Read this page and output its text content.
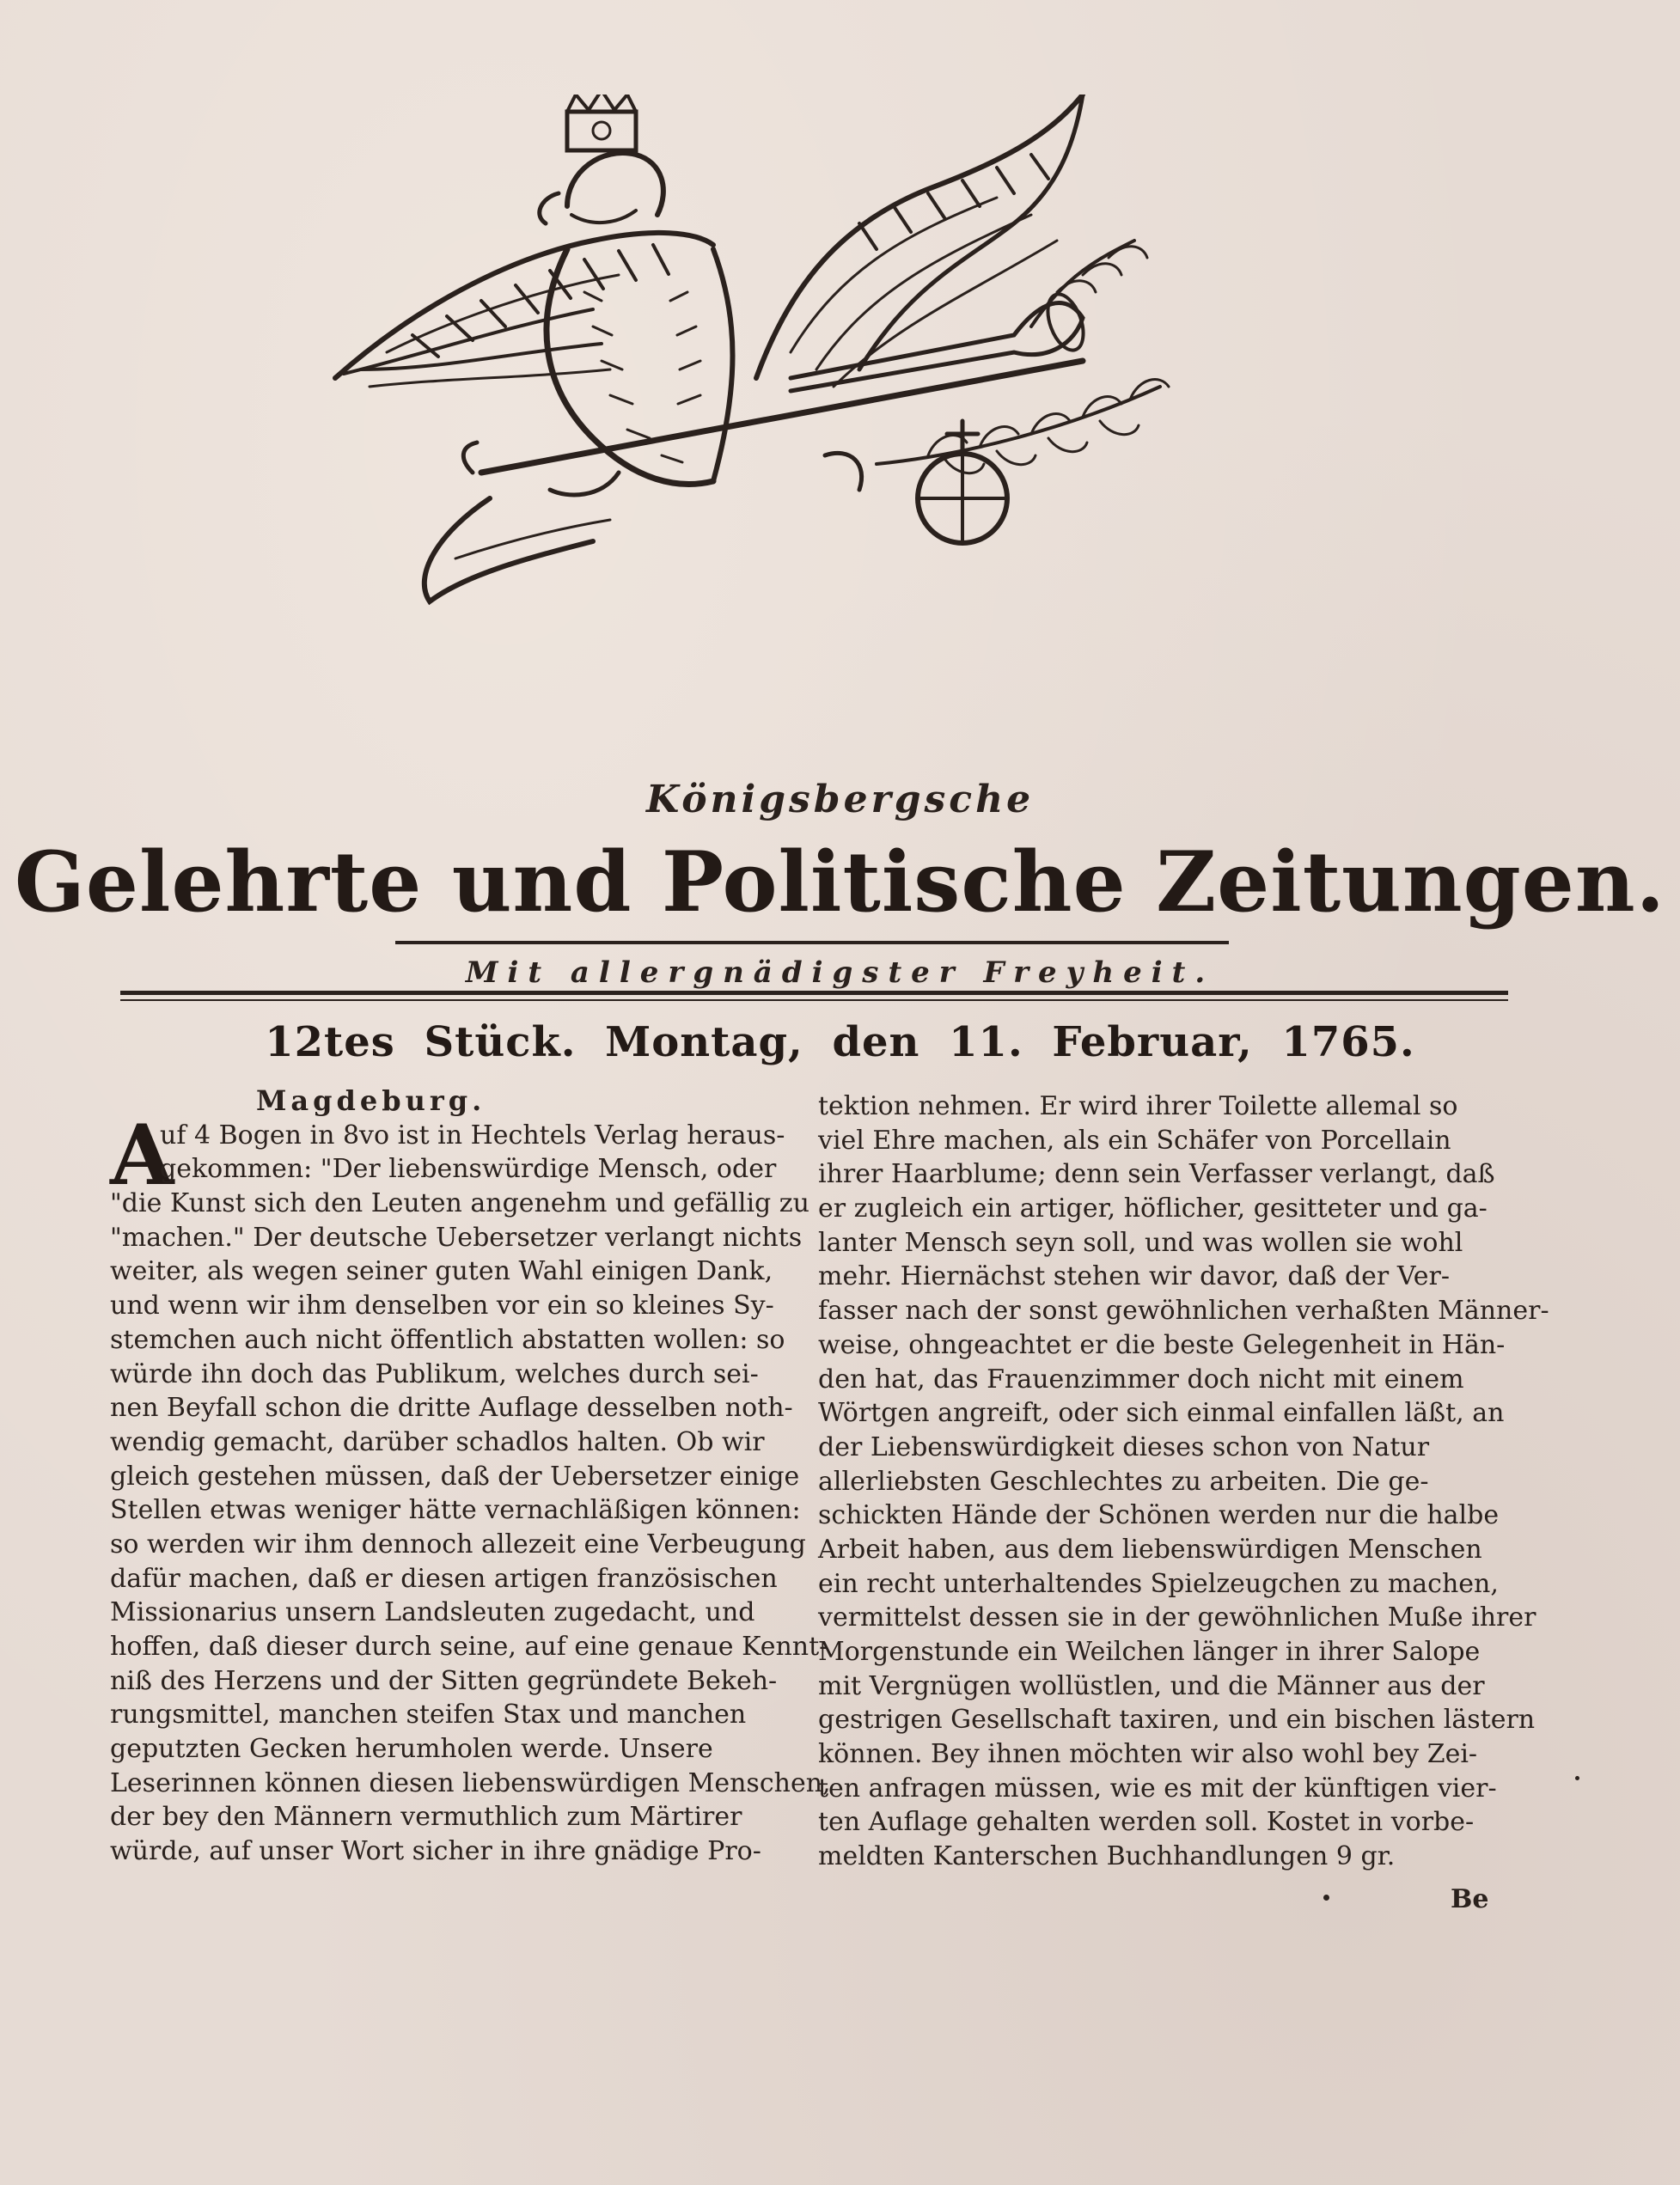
Königsbergsche
Gelehrte und Politische Zeitungen.
Mit allergnädigster Freyheit.
12tes Stück. Montag, den 11. Februar, 1765.
A
Magdeburg.
uf 4 Bogen in 8vo ist in Hechtels Verlag heraus-
gekommen: "Der liebenswürdige Mensch, oder
"die Kunst sich den Leuten angenehm und gefällig zu
"machen." Der deutsche Uebersetzer verlangt nichts
weiter, als wegen seiner guten Wahl einigen Dank,
und wenn wir ihm denselben vor ein so kleines Sy-
stemchen auch nicht öffentlich abstatten wollen: so
würde ihn doch das Publikum, welches durch sei-
nen Beyfall schon die dritte Auflage desselben noth-
wendig gemacht, darüber schadlos halten. Ob wir
gleich gestehen müssen, daß der Uebersetzer einige
Stellen etwas weniger hätte vernachläßigen können:
so werden wir ihm dennoch allezeit eine Verbeugung
dafür machen, daß er diesen artigen französischen
Missionarius unsern Landsleuten zugedacht, und
hoffen, daß dieser durch seine, auf eine genaue Kennt-
niß des Herzens und der Sitten gegründete Bekeh-
rungsmittel, manchen steifen Stax und manchen
geputzten Gecken herumholen werde. Unsere
Leserinnen können diesen liebenswürdigen Menschen,
der bey den Männern vermuthlich zum Märtirer
würde, auf unser Wort sicher in ihre gnädige Pro-
tektion nehmen. Er wird ihrer Toilette allemal so
viel Ehre machen, als ein Schäfer von Porcellain
ihrer Haarblume; denn sein Verfasser verlangt, daß
er zugleich ein artiger, höflicher, gesitteter und ga-
lanter Mensch seyn soll, und was wollen sie wohl
mehr. Hiernächst stehen wir davor, daß der Ver-
fasser nach der sonst gewöhnlichen verhaßten Männer-
weise, ohngeachtet er die beste Gelegenheit in Hän-
den hat, das Frauenzimmer doch nicht mit einem
Wörtgen angreift, oder sich einmal einfallen läßt, an
der Liebenswürdigkeit dieses schon von Natur
allerliebsten Geschlechtes zu arbeiten. Die ge-
schickten Hände der Schönen werden nur die halbe
Arbeit haben, aus dem liebenswürdigen Menschen
ein recht unterhaltendes Spielzeugchen zu machen,
vermittelst dessen sie in der gewöhnlichen Muße ihrer
Morgenstunde ein Weilchen länger in ihrer Salope
mit Vergnügen wollüstlen, und die Männer aus der
gestrigen Gesellschaft taxiren, und ein bischen lästern
können. Bey ihnen möchten wir also wohl bey Zei-
ten anfragen müssen, wie es mit der künftigen vier-
ten Auflage gehalten werden soll. Kostet in vorbe-
meldten Kanterschen Buchhandlungen 9 gr.
Be
